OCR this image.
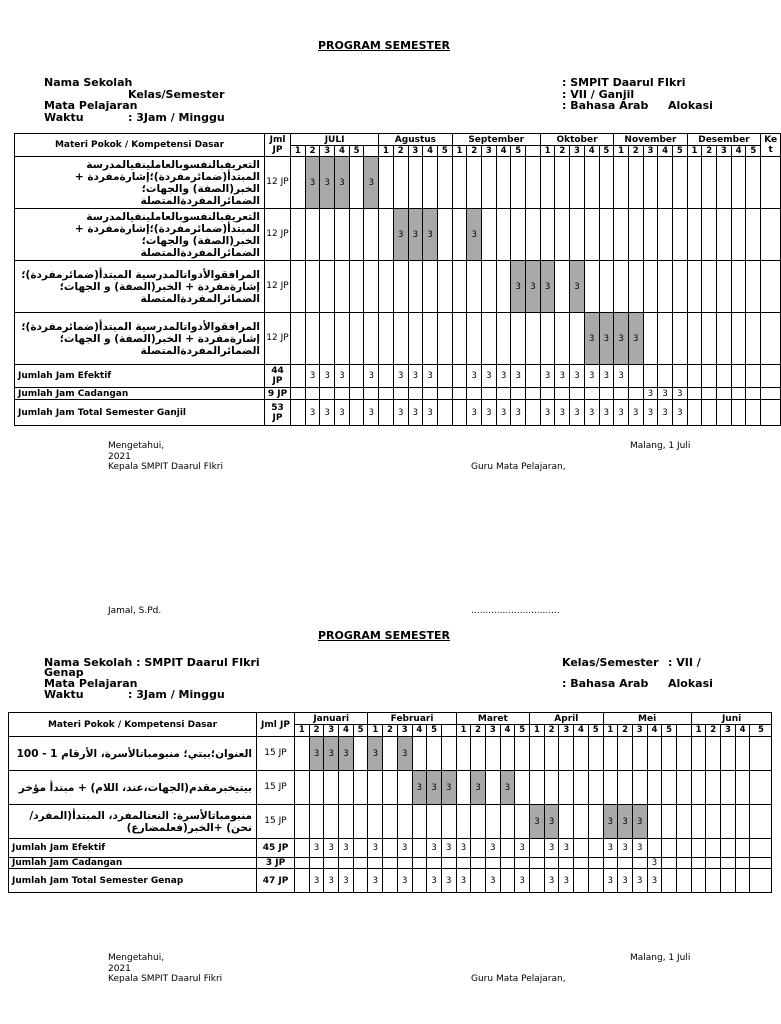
PROGRAM SEMESTER
Nama Sekolah	: SMPIT Daarul FIkri
Kelas/Semester	: VII / Ganjil
Mata Pelajaran	: Bahasa Arab Alokasi
Waktu	: 3Jam / Minggu
Materi Pokok / Kompetensi Dasar	Jml JP	JULI						Agustus					September						Oktober					November					Desember					Ke t
		1	2	3	4	5		1	2	3	4	5	1	2	3	4	5		1	2	3	4	5	1	2	3	4	5	1	2	3	4	5	
التعريفبالنفسوبالعاملينفيالمدرسة المبتدأ(ضمائرمفردة)؛إشارةمفردة + الخبر(الصفة) والجهات؛ الضمائرالمفردةالمتصلة	12 JP		3	3	3		3																											
التعريفبالنفسوبالعاملينفيالمدرسة المبتدأ(ضمائرمفردة)؛إشارةمفردة + الخبر(الصفة) والجهات؛ الضمائرالمفردةالمتصلة	12 JP								3	3	3			3																				
المرافقوالأدواتالمدرسية المبتدأ(ضمائرمفردة)؛ إشارةمفردة + الخبر(الصفة) و الجهات؛ الضمائرالمفردةالمتصلة	12 JP																3	3	3		3													
المرافقوالأدواتالمدرسية المبتدأ(ضمائرمفردة)؛ إشارةمفردة + الخبر(الصفة) و الجهات؛ الضمائرالمفردةالمتصلة	12 JP																					3	3	3	3									
Jumlah Jam Efektif	44 JP		3	3	3		3		3	3	3			3	3	3	3		3	3	3	3	3	3										
Jumlah Jam Cadangan	9 JP																									3	3	3						
Jumlah Jam Total Semester Ganjil	53 JP		3	3	3		3		3	3	3			3	3	3	3		3	3	3	3	3	3	3	3	3	3						
Mengetahui,	Malang, 1 Juli
2021
Kepala SMPIT Daarul FIkri	Guru Mata Pelajaran,
Jamal, S.Pd.	...............................
PROGRAM SEMESTER
Nama Sekolah : SMPIT Daarul FIkri	Kelas/Semester : VII /
Genap
Mata Pelajaran	: Bahasa Arab Alokasi
Waktu	: 3Jam / Minggu
Materi Pokok / Kompetensi Dasar	Jml JP	Januari					Februari						Maret					April					Mei						Juni	
		1	2	3	4	5	1	2	3	4	5		1	2	3	4	5	1	2	3	4	5	1	2	3	4	5		1	2	3	4	5	
العنوان؛بيتي؛ منبومباتالأسرة، الأرقام 1 - 100	15 JP		3	3	3		3		3																									
بيتيخبرمقدم(الجهات،عند، اللام) + مبتدأ مؤخر	15 JP									3	3	3		3		3																		
منبومباتالأسرة: النعتالمفرد، المبتدأ(المفرد/نحن) +الخبر(فعلمضارع)	15 JP																	3	3				3	3	3									
Jumlah Jam Efektif	45 JP		3	3	3		3		3		3	3	3		3		3		3	3			3	3	3									
Jumlah Jam Cadangan	3 JP																									3								
Jumlah Jam Total Semester Genap	47 JP		3	3	3		3		3		3	3	3		3		3		3	3			3	3	3	3								
Mengetahui,	Malang, 1 Juli
2021
Kepala SMPIT Daarul Fikri	Guru Mata Pelajaran,
